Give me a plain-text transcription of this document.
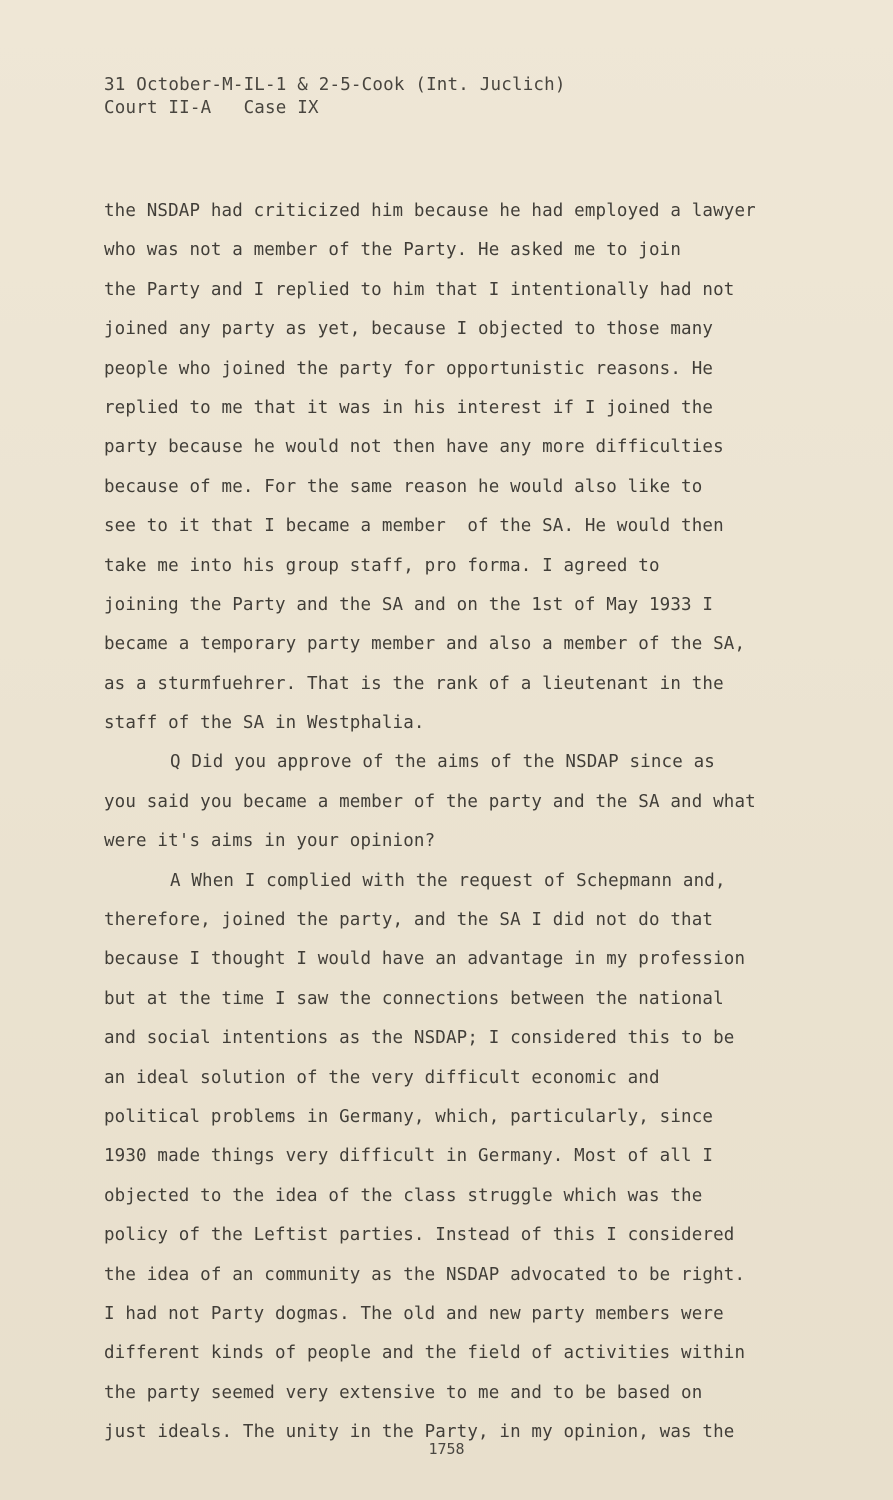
31 October-M-IL-1 & 2-5-Cook (Int. Juclich)
Court II-A   Case IX
the NSDAP had criticized him because he had employed a lawyer
who was not a member of the Party. He asked me to join
the Party and I replied to him that I intentionally had not
joined any party as yet, because I objected to those many
people who joined the party for opportunistic reasons. He
replied to me that it was in his interest if I joined the
party because he would not then have any more difficulties
because of me. For the same reason he would also like to
see to it that I became a member  of the SA. He would then
take me into his group staff, pro forma. I agreed to
joining the Party and the SA and on the 1st of May 1933 I
became a temporary party member and also a member of the SA,
as a sturmfuehrer. That is the rank of a lieutenant in the
staff of the SA in Westphalia.
Q Did you approve of the aims of the NSDAP since as
you said you became a member of the party and the SA and what
were it's aims in your opinion?
A When I complied with the request of Schepmann and,
therefore, joined the party, and the SA I did not do that
because I thought I would have an advantage in my profession
but at the time I saw the connections between the national
and social intentions as the NSDAP; I considered this to be
an ideal solution of the very difficult economic and
political problems in Germany, which, particularly, since
1930 made things very difficult in Germany. Most of all I
objected to the idea of the class struggle which was the
policy of the Leftist parties. Instead of this I considered
the idea of an community as the NSDAP advocated to be right.
I had not Party dogmas. The old and new party members were
different kinds of people and the field of activities within
the party seemed very extensive to me and to be based on
just ideals. The unity in the Party, in my opinion, was the
1758
